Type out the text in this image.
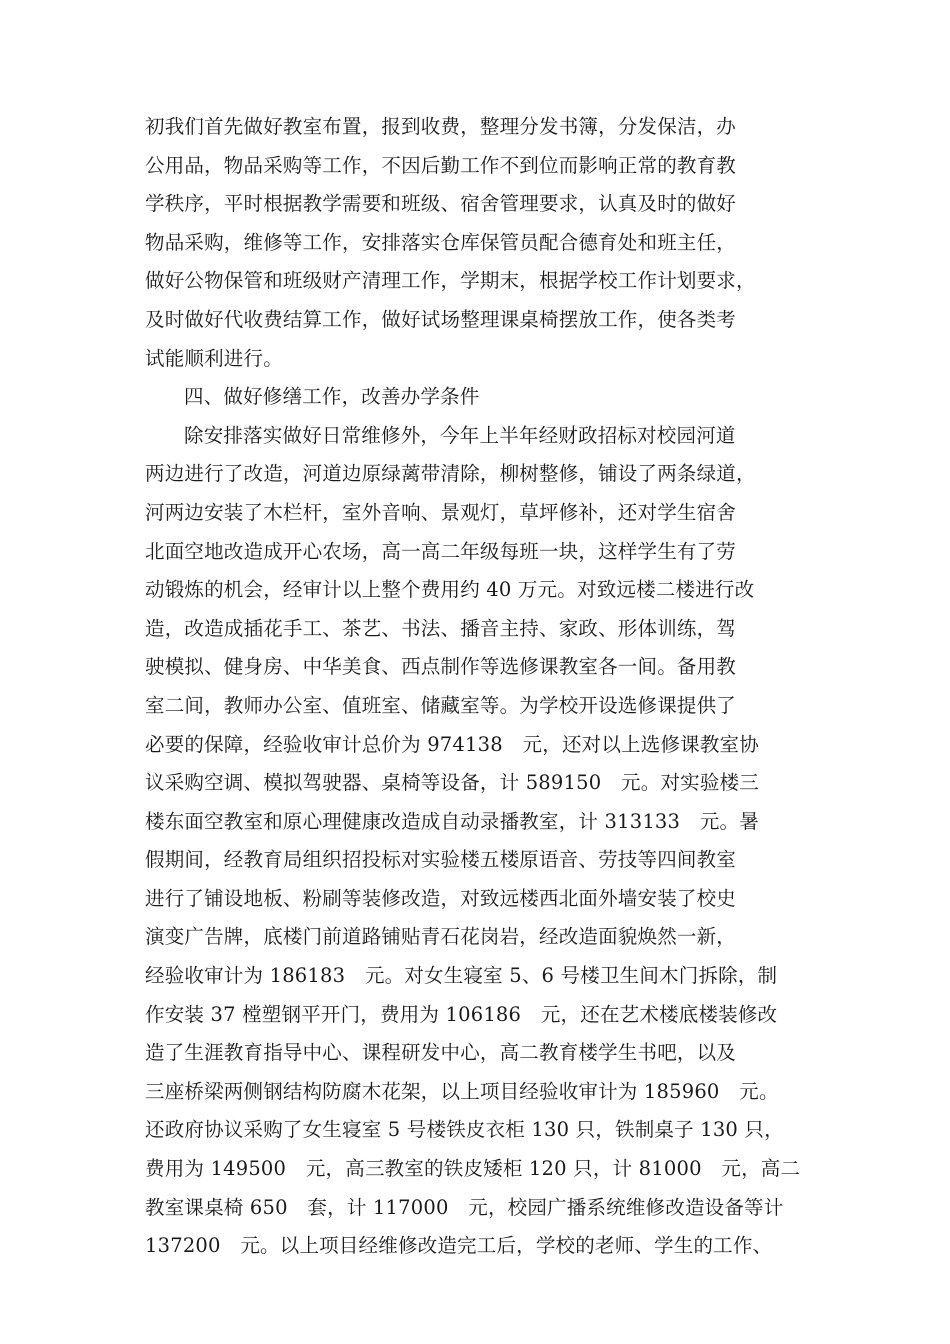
初我们首先做好教室布置，报到收费，整理分发书簿，分发保洁，办
公用品，物品采购等工作，不因后勤工作不到位而影响正常的教育教
学秩序，平时根据教学需要和班级、宿舍管理要求，认真及时的做好
物品采购，维修等工作，安排落实仓库保管员配合德育处和班主任，
做好公物保管和班级财产清理工作，学期末，根据学校工作计划要求，
及时做好代收费结算工作，做好试场整理课桌椅摆放工作，使各类考
试能顺利进行。
四、做好修缮工作，改善办学条件
除安排落实做好日常维修外，今年上半年经财政招标对校园河道
两边进行了改造，河道边原绿蓠带清除，柳树整修，铺设了两条绿道，
河两边安装了木栏杆，室外音响、景观灯，草坪修补，还对学生宿舍
北面空地改造成开心农场，高一高二年级每班一块，这样学生有了劳
动锻炼的机会，经审计以上整个费用约 40 万元。对致远楼二楼进行改
造，改造成插花手工、茶艺、书法、播音主持、家政、形体训练，驾
驶模拟、健身房、中华美食、西点制作等选修课教室各一间。备用教
室二间，教师办公室、值班室、储藏室等。为学校开设选修课提供了
必要的保障，经验收审计总价为 974138　元，还对以上选修课教室协
议采购空调、模拟驾驶器、桌椅等设备，计 589150　元。对实验楼三
楼东面空教室和原心理健康改造成自动录播教室，计 313133　元。暑
假期间，经教育局组织招投标对实验楼五楼原语音、劳技等四间教室
进行了铺设地板、粉刷等装修改造，对致远楼西北面外墙安装了校史
演变广告牌，底楼门前道路铺贴青石花岗岩，经改造面貌焕然一新，
经验收审计为 186183　元。对女生寝室 5、6 号楼卫生间木门拆除，制
作安装 37 樘塑钢平开门，费用为 106186　元，还在艺术楼底楼装修改
造了生涯教育指导中心、课程研发中心，高二教育楼学生书吧，以及
三座桥梁两侧钢结构防腐木花架，以上项目经验收审计为 185960　元。
还政府协议采购了女生寝室 5 号楼铁皮衣柜 130 只，铁制桌子 130 只，
费用为 149500　元，高三教室的铁皮矮柜 120 只，计 81000　元，高二
教室课桌椅 650　套，计 117000　元，校园广播系统维修改造设备等计
137200　元。以上项目经维修改造完工后，学校的老师、学生的工作、
